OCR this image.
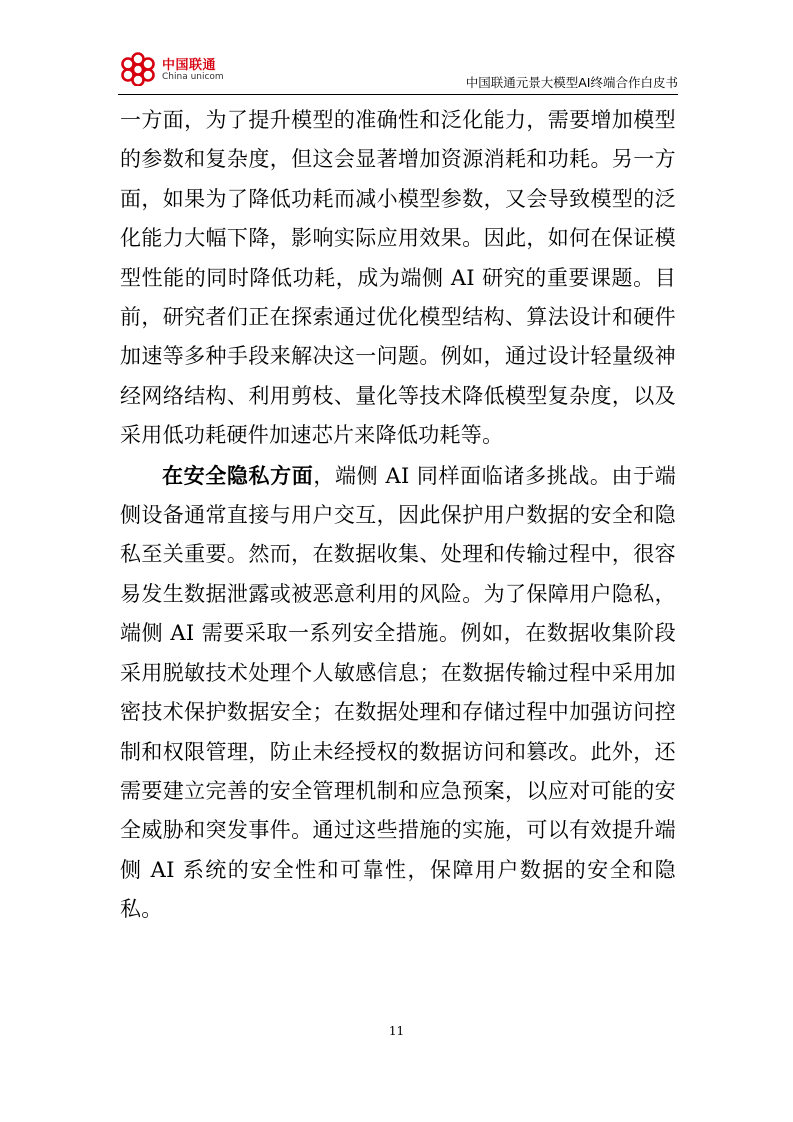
中国联通
China unicom	中国联通元景大模型AI终端合作白皮书

一方面，为了提升模型的准确性和泛化能力，需要增加模型的参数和复杂度，但这会显著增加资源消耗和功耗。另一方面，如果为了降低功耗而减小模型参数，又会导致模型的泛化能力大幅下降，影响实际应用效果。因此，如何在保证模型性能的同时降低功耗，成为端侧 AI 研究的重要课题。目前，研究者们正在探索通过优化模型结构、算法设计和硬件加速等多种手段来解决这一问题。例如，通过设计轻量级神经网络结构、利用剪枝、量化等技术降低模型复杂度，以及采用低功耗硬件加速芯片来降低功耗等。

在安全隐私方面，端侧 AI 同样面临诸多挑战。由于端侧设备通常直接与用户交互，因此保护用户数据的安全和隐私至关重要。然而，在数据收集、处理和传输过程中，很容易发生数据泄露或被恶意利用的风险。为了保障用户隐私，端侧 AI 需要采取一系列安全措施。例如，在数据收集阶段采用脱敏技术处理个人敏感信息；在数据传输过程中采用加密技术保护数据安全；在数据处理和存储过程中加强访问控制和权限管理，防止未经授权的数据访问和篡改。此外，还需要建立完善的安全管理机制和应急预案，以应对可能的安全威胁和突发事件。通过这些措施的实施，可以有效提升端侧 AI 系统的安全性和可靠性，保障用户数据的安全和隐私。

11
